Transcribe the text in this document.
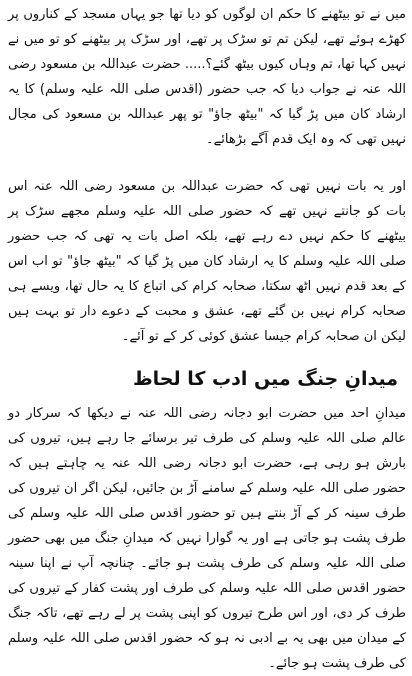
میں نے تو بیٹھنے کا حکم ان لوگوں کو دیا تھا جو یہاں مسجد کے کناروں پر کھڑے ہوئے تھے، لیکن تم تو سڑک پر تھے، اور سڑک پر بیٹھنے کو تو میں نے نہیں کہا تھا، تم وہاں کیوں بیٹھ گئے؟..... حضرت عبداللہ بن مسعود رضی اللہ عنہ نے جواب دیا کہ جب حضور (اقدس صلی اللہ علیہ وسلم) کا یہ ارشاد کان میں پڑ گیا کہ "بیٹھ جاؤ" تو پھر عبداللہ بن مسعود کی مجال نہیں تھی کہ وہ ایک قدم آگے بڑھائے۔

اور یہ بات نہیں تھی کہ حضرت عبداللہ بن مسعود رضی اللہ عنہ اس بات کو جانتے نہیں تھے کہ حضور صلی اللہ علیہ وسلم مجھے سڑک پر بیٹھنے کا حکم نہیں دے رہے تھے، بلکہ اصل بات یہ تھی کہ جب حضور صلی اللہ علیہ وسلم کا یہ ارشاد کان میں پڑ گیا کہ "بیٹھ جاؤ" تو اب اس کے بعد قدم نہیں اٹھ سکتا، صحابہ کرام کی اتباع کا یہ حال تھا، ویسے ہی صحابہ کرام نہیں بن گئے تھے، عشق و محبت کے دعوے دار تو بہت ہیں لیکن ان صحابہ کرام جیسا عشق کوئی کر کے تو آئے۔

میدانِ جنگ میں ادب کا لحاظ

میدانِ احد میں حضرت ابو دجانہ رضی اللہ عنہ نے دیکھا کہ سرکار دو عالم صلی اللہ علیہ وسلم کی طرف تیر برسائے جا رہے ہیں، تیروں کی بارش ہو رہی ہے، حضرت ابو دجانہ رضی اللہ عنہ یہ چاہتے ہیں کہ حضور صلی اللہ علیہ وسلم کے سامنے آڑ بن جائیں، لیکن اگر ان تیروں کی طرف سینہ کر کے آڑ بنتے ہیں تو حضور اقدس صلی اللہ علیہ وسلم کی طرف پشت ہو جاتی ہے اور یہ گوارا نہیں کہ میدانِ جنگ میں بھی حضور صلی اللہ علیہ وسلم کی طرف پشت ہو جائے۔ چنانچہ آپ نے اپنا سینہ حضور اقدس صلی اللہ علیہ وسلم کی طرف اور پشت کفار کے تیروں کی طرف کر دی، اور اس طرح تیروں کو اپنی پشت پر لے رہے تھے، تاکہ جنگ کے میدان میں بھی یہ بے ادبی نہ ہو کہ حضور اقدس صلی اللہ علیہ وسلم کی طرف پشت ہو جائے۔
